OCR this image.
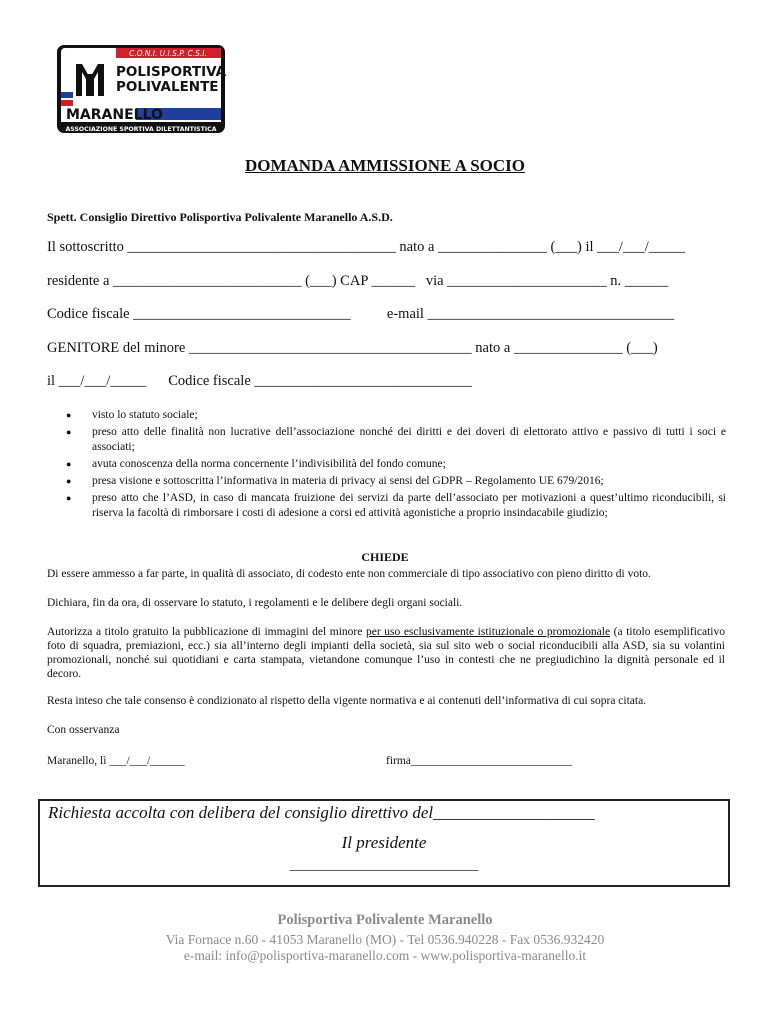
C.O.N.I. U.I.S.P. C.S.I.
POLISPORTIVA
POLIVALENTE
MARANELLO
ASSOCIAZIONE SPORTIVA DILETTANTISTICA
DOMANDA AMMISSIONE A SOCIO
Spett. Consiglio Direttivo Polisportiva Polivalente Maranello A.S.D.
Il sottoscritto _____________________________________ nato a _______________ (___) il ___/___/_____
residente a __________________________ (___) CAP ______   via ______________________ n. ______
Codice fiscale ______________________________          e-mail __________________________________
GENITORE del minore _______________________________________ nato a _______________ (___)
il ___/___/_____      Codice fiscale ______________________________
● visto lo statuto sociale;
● preso atto delle finalità non lucrative dell’associazione nonché dei diritti e dei doveri di elettorato attivo e passivo di tutti i soci e associati;
● avuta conoscenza della norma concernente l’indivisibilità del fondo comune;
● presa visione e sottoscritta l’informativa in materia di privacy ai sensi del GDPR – Regolamento UE 679/2016;
● preso atto che l’ASD, in caso di mancata fruizione dei servizi da parte dell’associato per motivazioni a quest’ultimo riconducibili, si riserva la facoltà di rimborsare i costi di adesione a corsi ed attività agonistiche a proprio insindacabile giudizio;
CHIEDE
Di essere ammesso a far parte, in qualità di associato, di codesto ente non commerciale di tipo associativo con pieno diritto di voto.
Dichiara, fin da ora, di osservare lo statuto, i regolamenti e le delibere degli organi sociali.
Autorizza a titolo gratuito la pubblicazione di immagini del minore per uso esclusivamente istituzionale o promozionale (a titolo esemplificativo foto di squadra, premiazioni, ecc.) sia all’interno degli impianti della società, sia sul sito web o social riconducibili alla ASD, sia su volantini promozionali, nonché sui quotidiani e carta stampata, vietandone comunque l’uso in contesti che ne pregiudichino la dignità personale ed il decoro.
Resta inteso che tale consenso è condizionato al rispetto della vigente normativa e ai contenuti dell’informativa di cui sopra citata.
Con osservanza
Maranello, lì ___/___/______	firma____________________________
Richiesta accolta con delibera del consiglio direttivo del___________________
Il presidente
___________________________
Polisportiva Polivalente Maranello
Via Fornace n.60 - 41053 Maranello (MO) - Tel 0536.940228 - Fax 0536.932420
e-mail: info@polisportiva-maranello.com - www.polisportiva-maranello.it
